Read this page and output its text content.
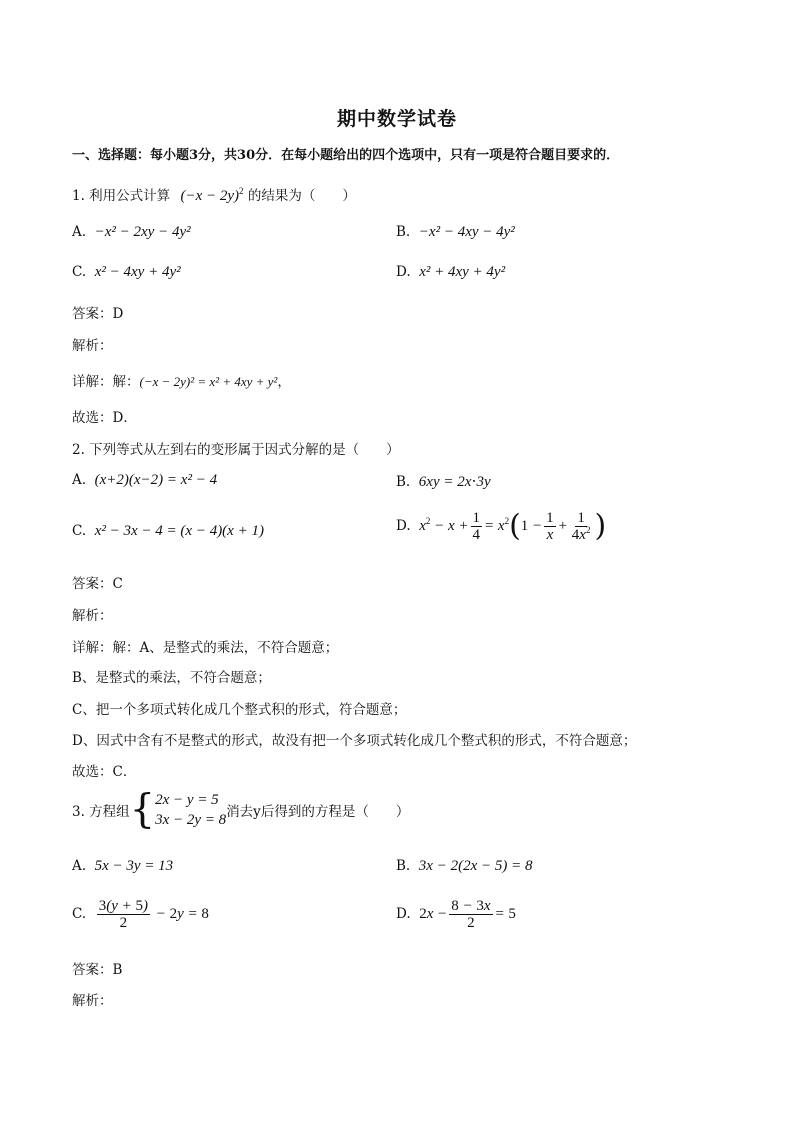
期中数学试卷
一、选择题：每小题3分，共30分．在每小题给出的四个选项中，只有一项是符合题目要求的．
1. 利用公式计算 $(-x - 2y)^2$ 的结果为（　　）
A.  −x² − 2xy − 4y²	B.  −x² − 4xy − 4y²
C.  x² − 4xy + 4y²	D.  x² + 4xy + 4y²
答案：D
解析：
详解：解：(−x − 2y)² = x² + 4xy + y²，
故选：D．
2. 下列等式从左到右的变形属于因式分解的是（　　）
A.  (x+2)(x−2) = x² − 4	B.  6xy = 2x⋅3y
C.  x² − 3x − 4 = (x − 4)(x + 1)	D.  $x^2 - x + \frac{1}{4} = x^2(1 - \frac{1}{x} + \frac{1}{4x^2}$ )
答案：C
解析：
详解：解：A、是整式的乘法，不符合题意；
B、是整式的乘法，不符合题意；
C、把一个多项式转化成几个整式积的形式，符合题意；
D、因式中含有不是整式的形式，故没有把一个多项式转化成几个整式积的形式，不符合题意；
故选：C．
3. 方程组{ 2x − y = 5
3x − 2y = 8
消去y后得到的方程是（　　）
A.  5x − 3y = 13	B.  3x − 2(2x − 5) = 8
C. $\frac{3(y + 5)}{2} - 2y = 8$	D.  $2x - \frac{8 - 3x}{2} = 5$
答案：B
解析：
